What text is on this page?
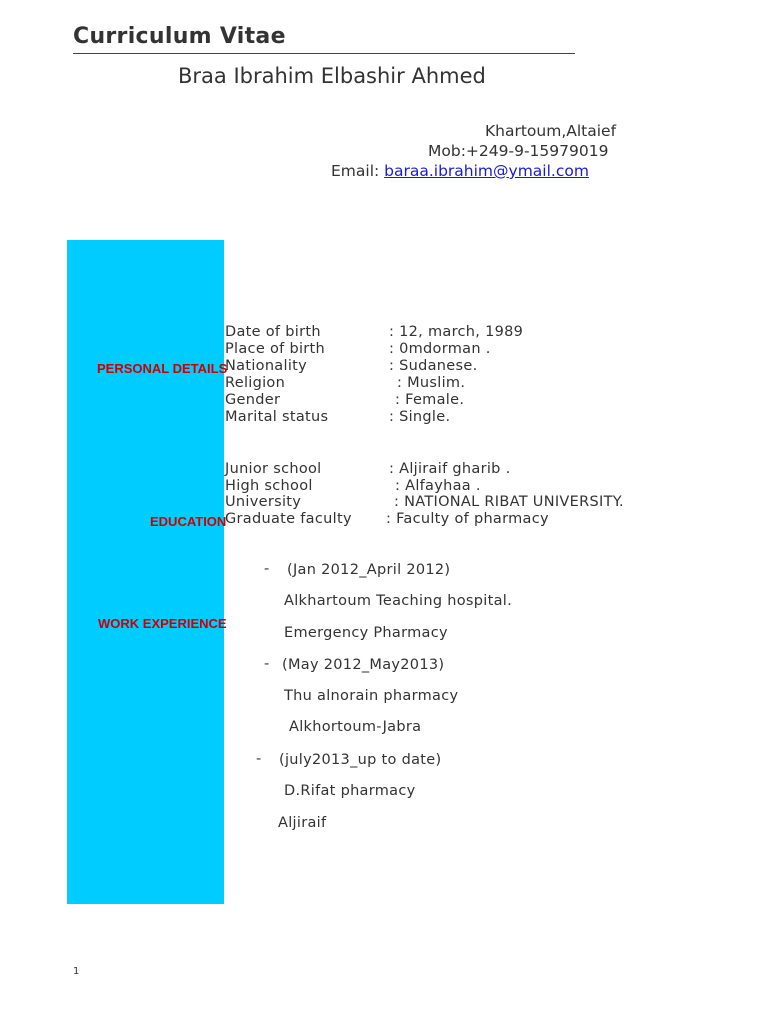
Curriculum Vitae
Braa Ibrahim Elbashir Ahmed
Khartoum,Altaief
Mob:+249-9-15979019
Email: baraa.ibrahim@ymail.com
PERSONAL DETAILS
Date of birth	: 12, march, 1989
Place of birth	: 0mdorman .
Nationality	: Sudanese.
Religion	: Muslim.
Gender	: Female.
Marital status	: Single.
EDUCATION
Junior school	: Aljiraif gharib .
High school	: Alfayhaa .
University	: NATIONAL RIBAT UNIVERSITY.
Graduate faculty : Faculty of pharmacy
WORK EXPERIENCE
- (Jan 2012_April 2012)
Alkhartoum Teaching hospital.
Emergency Pharmacy
- (May 2012_May2013)
Thu alnorain pharmacy
Alkhortoum-Jabra
- (july2013_up to date)
D.Rifat pharmacy
Aljiraif
1
